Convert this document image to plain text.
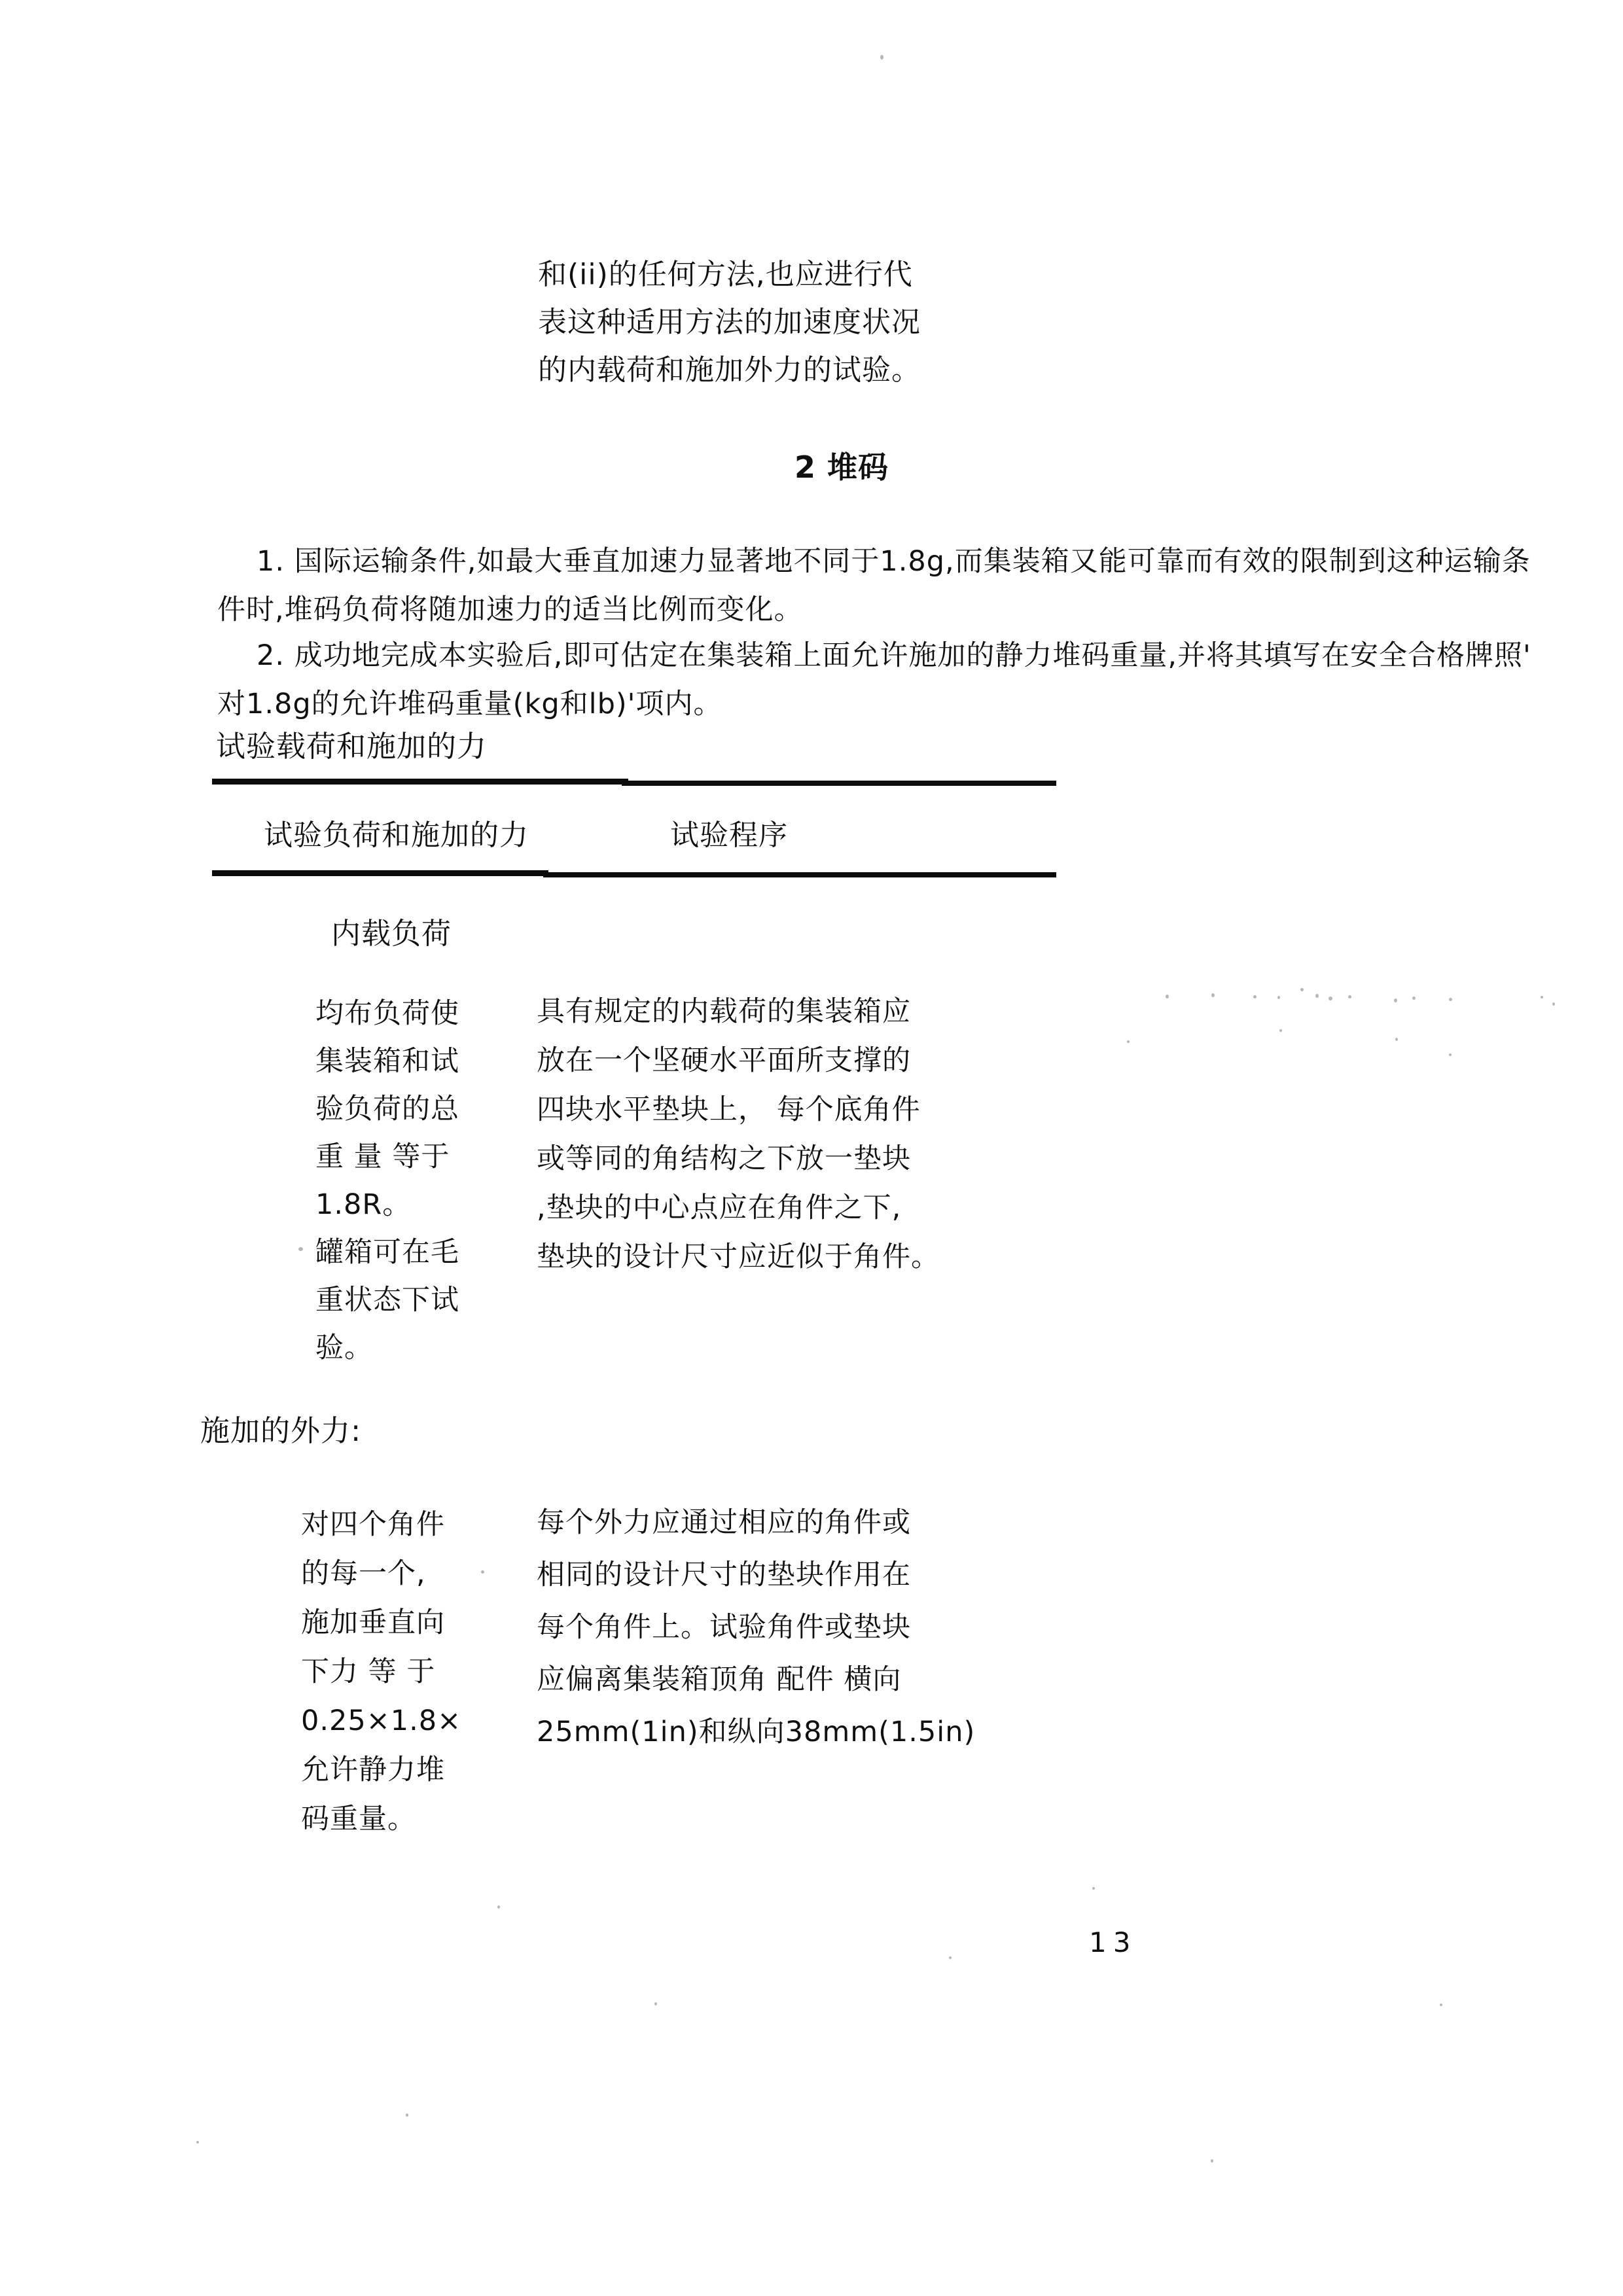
和(ii)的任何方法,也应进行代
表这种适用方法的加速度状况
的内载荷和施加外力的试验。
2 堆码
1. 国际运输条件,如最大垂直加速力显著地不同于1.8g,而集装箱又能可靠而有效的限制到这种运输条
件时,堆码负荷将随加速力的适当比例而变化。
2. 成功地完成本实验后,即可估定在集装箱上面允许施加的静力堆码重量,并将其填写在安全合格牌照'
对1.8g的允许堆码重量(kg和lb)'项内。
试验载荷和施加的力
试验负荷和施加的力	试验程序
内载负荷
均布负荷使
集装箱和试
验负荷的总
重 量 等于
1.8R。
罐箱可在毛
重状态下试
验。
具有规定的内载荷的集装箱应
放在一个坚硬水平面所支撑的
四块水平垫块上， 每个底角件
或等同的角结构之下放一垫块
,垫块的中心点应在角件之下,
垫块的设计尺寸应近似于角件。
施加的外力:
对四个角件
的每一个,
施加垂直向
下力 等 于
0.25×1.8×
允许静力堆
码重量。
每个外力应通过相应的角件或
相同的设计尺寸的垫块作用在
每个角件上。试验角件或垫块
应偏离集装箱顶角 配件 横向
25mm(1in)和纵向38mm(1.5in)
13
